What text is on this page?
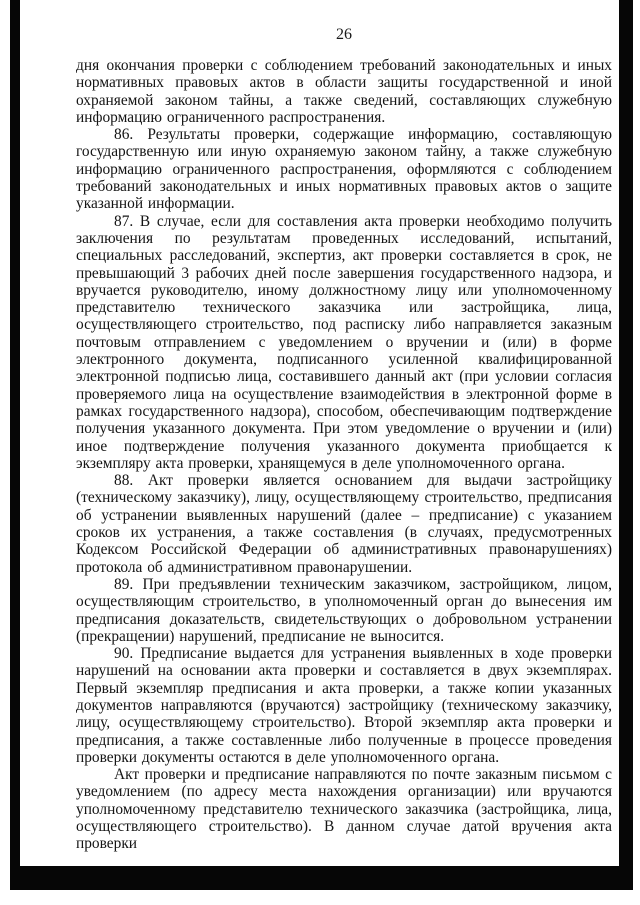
26

дня окончания проверки с соблюдением требований законодательных и иных нормативных правовых актов в области защиты государственной и иной охраняемой законом тайны, а также сведений, составляющих служебную информацию ограниченного распространения.

86. Результаты проверки, содержащие информацию, составляющую государственную или иную охраняемую законом тайну, а также служебную информацию ограниченного распространения, оформляются с соблюдением требований законодательных и иных нормативных правовых актов о защите указанной информации.

87. В случае, если для составления акта проверки необходимо получить заключения по результатам проведенных исследований, испытаний, специальных расследований, экспертиз, акт проверки составляется в срок, не превышающий 3 рабочих дней после завершения государственного надзора, и вручается руководителю, иному должностному лицу или уполномоченному представителю технического заказчика или застройщика, лица, осуществляющего строительство, под расписку либо направляется заказным почтовым отправлением с уведомлением о вручении и (или) в форме электронного документа, подписанного усиленной квалифицированной электронной подписью лица, составившего данный акт (при условии согласия проверяемого лица на осуществление взаимодействия в электронной форме в рамках государственного надзора), способом, обеспечивающим подтверждение получения указанного документа. При этом уведомление о вручении и (или) иное подтверждение получения указанного документа приобщается к экземпляру акта проверки, хранящемуся в деле уполномоченного органа.

88. Акт проверки является основанием для выдачи застройщику (техническому заказчику), лицу, осуществляющему строительство, предписания об устранении выявленных нарушений (далее – предписание) с указанием сроков их устранения, а также составления (в случаях, предусмотренных Кодексом Российской Федерации об административных правонарушениях) протокола об административном правонарушении.

89. При предъявлении техническим заказчиком, застройщиком, лицом, осуществляющим строительство, в уполномоченный орган до вынесения им предписания доказательств, свидетельствующих о добровольном устранении (прекращении) нарушений, предписание не выносится.

90. Предписание выдается для устранения выявленных в ходе проверки нарушений на основании акта проверки и составляется в двух экземплярах. Первый экземпляр предписания и акта проверки, а также копии указанных документов направляются (вручаются) застройщику (техническому заказчику, лицу, осуществляющему строительство). Второй экземпляр акта проверки и предписания, а также составленные либо полученные в процессе проведения проверки документы остаются в деле уполномоченного органа.

Акт проверки и предписание направляются по почте заказным письмом с уведомлением (по адресу места нахождения организации) или вручаются уполномоченному представителю технического заказчика (застройщика, лица, осуществляющего строительство). В данном случае датой вручения акта проверки
